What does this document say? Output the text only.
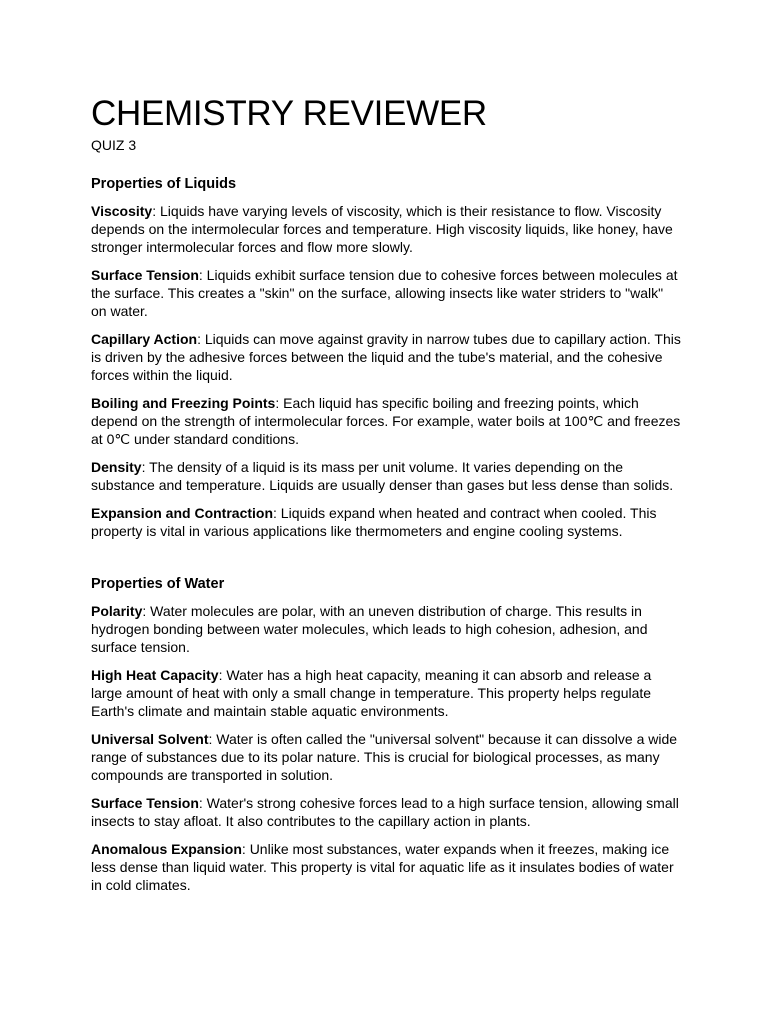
CHEMISTRY REVIEWER
QUIZ 3
Properties of Liquids

Viscosity: Liquids have varying levels of viscosity, which is their resistance to flow. Viscosity depends on the intermolecular forces and temperature. High viscosity liquids, like honey, have stronger intermolecular forces and flow more slowly.

Surface Tension: Liquids exhibit surface tension due to cohesive forces between molecules at the surface. This creates a "skin" on the surface, allowing insects like water striders to "walk" on water.

Capillary Action: Liquids can move against gravity in narrow tubes due to capillary action. This is driven by the adhesive forces between the liquid and the tube's material, and the cohesive forces within the liquid.

Boiling and Freezing Points: Each liquid has specific boiling and freezing points, which depend on the strength of intermolecular forces. For example, water boils at 100℃ and freezes at 0℃ under standard conditions.

Density: The density of a liquid is its mass per unit volume. It varies depending on the substance and temperature. Liquids are usually denser than gases but less dense than solids.

Expansion and Contraction: Liquids expand when heated and contract when cooled. This property is vital in various applications like thermometers and engine cooling systems.

Properties of Water

Polarity: Water molecules are polar, with an uneven distribution of charge. This results in hydrogen bonding between water molecules, which leads to high cohesion, adhesion, and surface tension.

High Heat Capacity: Water has a high heat capacity, meaning it can absorb and release a large amount of heat with only a small change in temperature. This property helps regulate Earth's climate and maintain stable aquatic environments.

Universal Solvent: Water is often called the "universal solvent" because it can dissolve a wide range of substances due to its polar nature. This is crucial for biological processes, as many compounds are transported in solution.

Surface Tension: Water's strong cohesive forces lead to a high surface tension, allowing small insects to stay afloat. It also contributes to the capillary action in plants.

Anomalous Expansion: Unlike most substances, water expands when it freezes, making ice less dense than liquid water. This property is vital for aquatic life as it insulates bodies of water in cold climates.
